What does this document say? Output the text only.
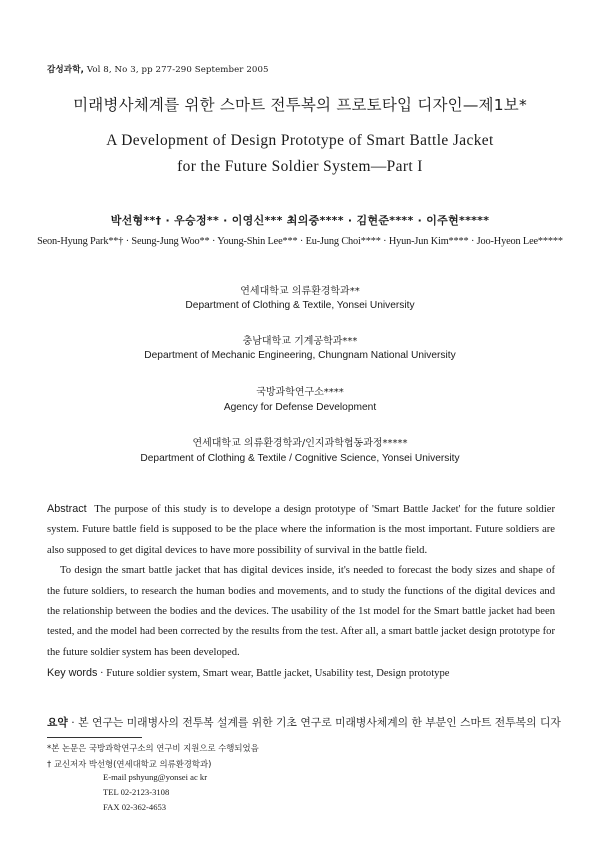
감성과학, Vol 8, No 3, pp 277-290 September 2005
미래병사체계를 위한 스마트 전투복의 프로토타입 디자인—제1보*
A Development of Design Prototype of Smart Battle Jacket
for the Future Soldier System—Part I
박선형**† · 우승정** · 이영신*** 최의중**** · 김현준**** · 이주현*****
Seon-Hyung Park**† · Seung-Jung Woo** · Young-Shin Lee*** · Eu-Jung Choi**** · Hyun-Jun Kim**** · Joo-Hyeon Lee*****
연세대학교 의류환경학과**
Department of Clothing & Textile, Yonsei University
충남대학교 기계공학과***
Department of Mechanic Engineering, Chungnam National University
국방과학연구소****
Agency for Defense Development
연세대학교 의류환경학과/인지과학협동과정*****
Department of Clothing & Textile / Cognitive Science, Yonsei University

Abstract The purpose of this study is to develope a design prototype of 'Smart Battle Jacket' for the future soldier system. Future battle field is supposed to be the place where the information is the most important. Future soldiers are also supposed to get digital devices to have more possibility of survival in the battle field.

To design the smart battle jacket that has digital devices inside, it's needed to forecast the body sizes and shape of the future soldiers, to research the human bodies and movements, and to study the functions of the digital devices and the relationship between the bodies and the devices. The usability of the 1st model for the Smart battle jacket had been tested, and the model had been corrected by the results from the test. After all, a smart battle jacket design prototype for the future soldier system has been developed.

Key words · Future soldier system, Smart wear, Battle jacket, Usability test, Design prototype

요약 · 본 연구는 미래병사의 전투복 설계를 위한 기초 연구로 미래병사체계의 한 부분인 스마트 전투복의 디자
*본 논문은 국방과학연구소의 연구비 지원으로 수행되었음
† 교신저자 박선형(연세대학교 의류환경학과)
E-mail pshyung@yonsei ac kr
TEL 02-2123-3108
FAX 02-362-4653
